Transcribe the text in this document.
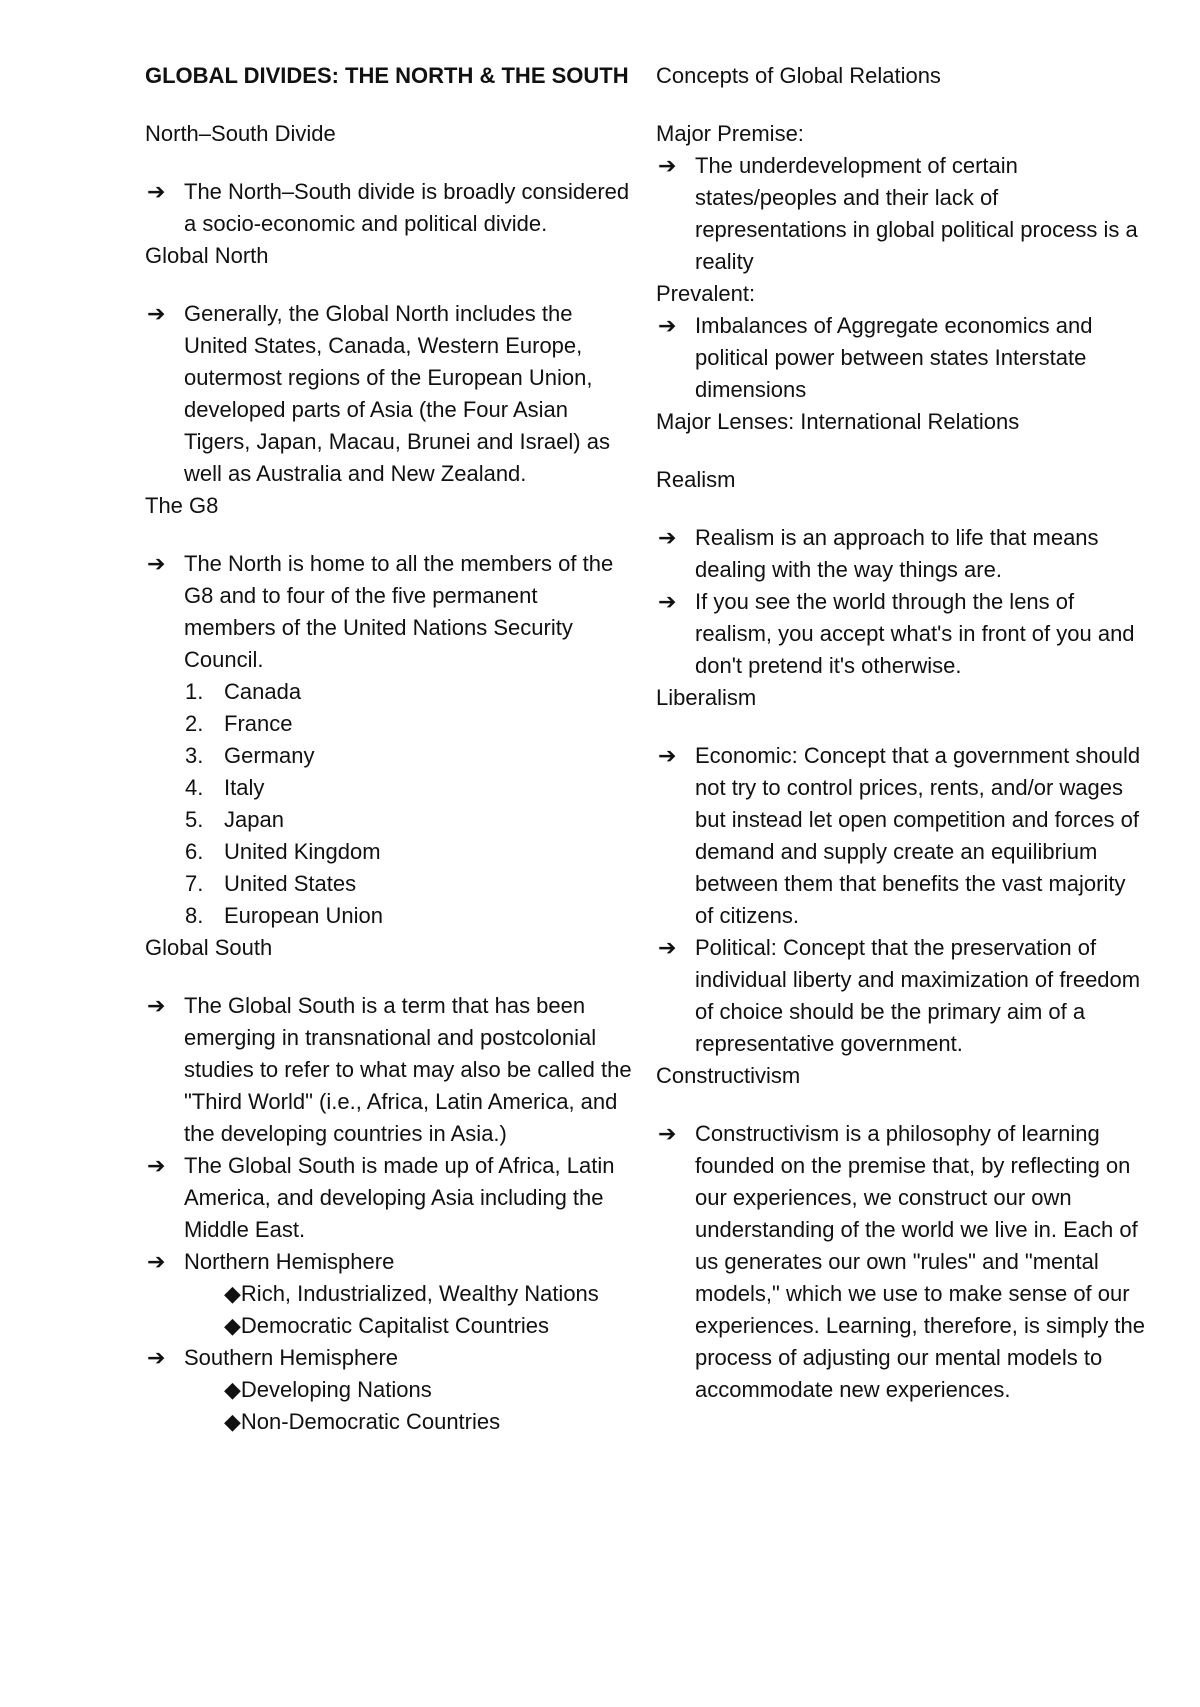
GLOBAL DIVIDES: THE NORTH & THE SOUTH

North–South Divide

➔ The North–South divide is broadly considered a socio-economic and political divide.

Global North

➔ Generally, the Global North includes the United States, Canada, Western Europe, outermost regions of the European Union, developed parts of Asia (the Four Asian Tigers, Japan, Macau, Brunei and Israel) as well as Australia and New Zealand.

The G8

➔ The North is home to all the members of the G8 and to four of the five permanent members of the United Nations Security Council.
1. Canada
2. France
3. Germany
4. Italy
5. Japan
6. United Kingdom
7. United States
8. European Union

Global South

➔ The Global South is a term that has been emerging in transnational and postcolonial studies to refer to what may also be called the "Third World" (i.e., Africa, Latin America, and the developing countries in Asia.)
➔ The Global South is made up of Africa, Latin America, and developing Asia including the Middle East.
➔ Northern Hemisphere
◆Rich, Industrialized, Wealthy Nations
◆Democratic Capitalist Countries
➔ Southern Hemisphere
◆Developing Nations
◆Non-Democratic Countries

Concepts of Global Relations

Major Premise:

➔ The underdevelopment of certain states/peoples and their lack of representations in global political process is a reality

Prevalent:

➔ Imbalances of Aggregate economics and political power between states Interstate dimensions

Major Lenses: International Relations

Realism

➔ Realism is an approach to life that means dealing with the way things are.
➔ If you see the world through the lens of realism, you accept what's in front of you and don't pretend it's otherwise.

Liberalism

➔ Economic: Concept that a government should not try to control prices, rents, and/or wages but instead let open competition and forces of demand and supply create an equilibrium between them that benefits the vast majority of citizens.
➔ Political: Concept that the preservation of individual liberty and maximization of freedom of choice should be the primary aim of a representative government.

Constructivism

➔ Constructivism is a philosophy of learning founded on the premise that, by reflecting on our experiences, we construct our own understanding of the world we live in. Each of us generates our own "rules" and "mental models," which we use to make sense of our experiences. Learning, therefore, is simply the process of adjusting our mental models to accommodate new experiences.
